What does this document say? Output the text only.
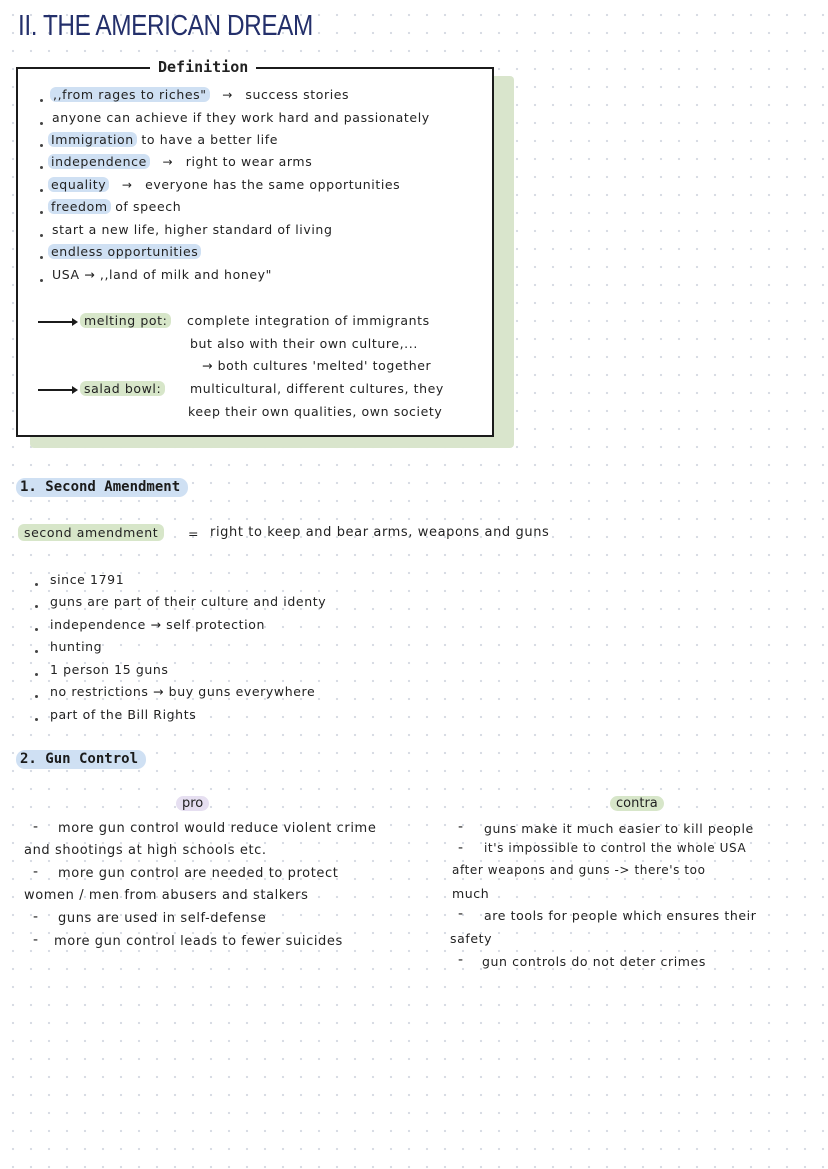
II. THE AMERICAN DREAM
Definition
,,from rages to riches" → success stories
anyone can achieve if they work hard and passionately
Immigration to have a better life
independence → right to wear arms
equality → everyone has the same opportunities
freedom of speech
start a new life, higher standard of living
endless opportunities
USA → ,,land of milk and honey"
melting pot:	complete integration of immigrants
but also with their own culture,...
→ both cultures 'melted' together
salad bowl:	multicultural, different cultures, they
keep their own qualities, own society
1. Second Amendment
second amendment	= right to keep and bear arms, weapons and guns
since 1791
guns are part of their culture and identy
independence → self protection
hunting
1 person 15 guns
no restrictions → buy guns everywhere
part of the Bill Rights
2. Gun Control
pro	contra
- more gun control would reduce violent crime
and shootings at high schools etc.
- more gun control are needed to protect
women / men from abusers and stalkers
- guns are used in self-defense
- more gun control leads to fewer suicides
- guns make it much easier to kill people
- it's impossible to control the whole USA
after weapons and guns -> there's too
much
- are tools for people which ensures their
safety
- gun controls do not deter crimes
